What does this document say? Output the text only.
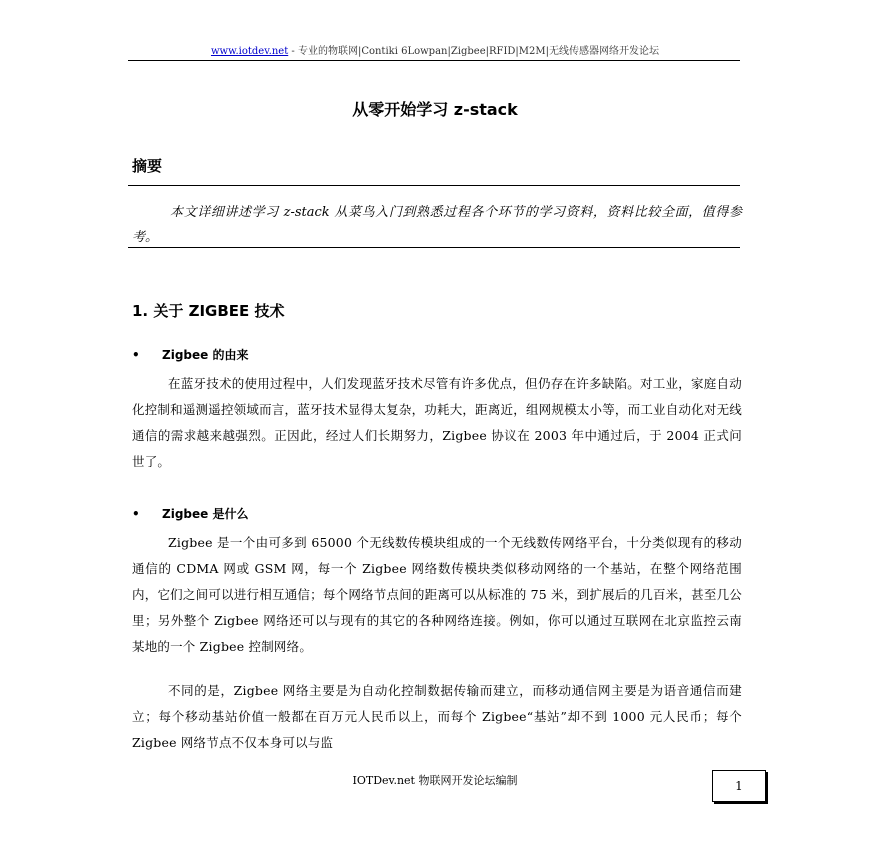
www.iotdev.net - 专业的物联网|Contiki 6Lowpan|Zigbee|RFID|M2M|无线传感器网络开发论坛
从零开始学习 z-stack
摘要
本文详细讲述学习 z-stack 从菜鸟入门到熟悉过程各个环节的学习资料，资料比较全面，值得参考。
1. 关于 ZIGBEE 技术
• Zigbee 的由来
在蓝牙技术的使用过程中，人们发现蓝牙技术尽管有许多优点，但仍存在许多缺陷。对工业，家庭自动化控制和遥测遥控领域而言，蓝牙技术显得太复杂，功耗大，距离近，组网规模太小等，而工业自动化对无线通信的需求越来越强烈。正因此，经过人们长期努力，Zigbee 协议在 2003 年中通过后，于 2004 正式问世了。
• Zigbee 是什么
Zigbee 是一个由可多到 65000 个无线数传模块组成的一个无线数传网络平台，十分类似现有的移动通信的 CDMA 网或 GSM 网，每一个 Zigbee 网络数传模块类似移动网络的一个基站，在整个网络范围内，它们之间可以进行相互通信；每个网络节点间的距离可以从标准的 75 米，到扩展后的几百米，甚至几公里；另外整个 Zigbee 网络还可以与现有的其它的各种网络连接。例如，你可以通过互联网在北京监控云南某地的一个 Zigbee 控制网络。
不同的是，Zigbee 网络主要是为自动化控制数据传输而建立，而移动通信网主要是为语音通信而建立；每个移动基站价值一般都在百万元人民币以上，而每个 Zigbee“基站”却不到 1000 元人民币；每个 Zigbee 网络节点不仅本身可以与监
IOTDev.net 物联网开发论坛编制	1
